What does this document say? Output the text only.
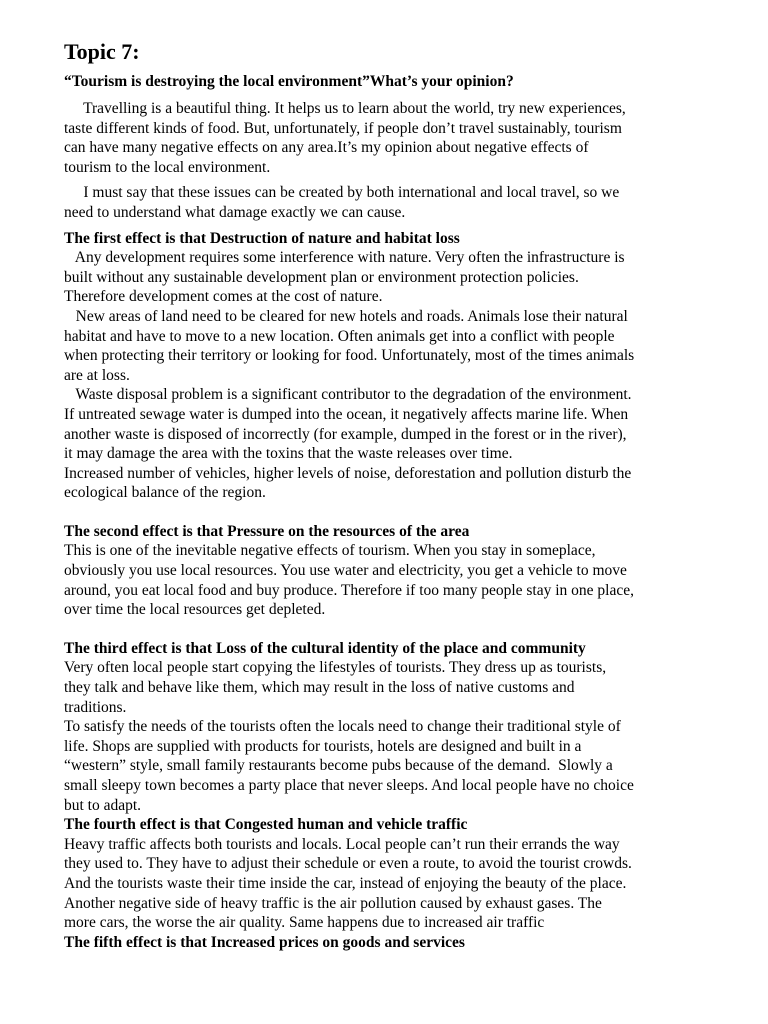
Topic 7:
“Tourism is destroying the local environment”What’s your opinion?
Travelling is a beautiful thing. It helps us to learn about the world, try new experiences,
taste different kinds of food. But, unfortunately, if people don’t travel sustainably, tourism
can have many negative effects on any area.It’s my opinion about negative effects of
tourism to the local environment.
I must say that these issues can be created by both international and local travel, so we
need to understand what damage exactly we can cause.
The first effect is that Destruction of nature and habitat loss
Any development requires some interference with nature. Very often the infrastructure is
built without any sustainable development plan or environment protection policies.
Therefore development comes at the cost of nature.
New areas of land need to be cleared for new hotels and roads. Animals lose their natural
habitat and have to move to a new location. Often animals get into a conflict with people
when protecting their territory or looking for food. Unfortunately, most of the times animals
are at loss.
Waste disposal problem is a significant contributor to the degradation of the environment.
If untreated sewage water is dumped into the ocean, it negatively affects marine life. When
another waste is disposed of incorrectly (for example, dumped in the forest or in the river),
it may damage the area with the toxins that the waste releases over time.
Increased number of vehicles, higher levels of noise, deforestation and pollution disturb the
ecological balance of the region.
The second effect is that Pressure on the resources of the area
This is one of the inevitable negative effects of tourism. When you stay in someplace,
obviously you use local resources. You use water and electricity, you get a vehicle to move
around, you eat local food and buy produce. Therefore if too many people stay in one place,
over time the local resources get depleted.
The third effect is that Loss of the cultural identity of the place and community
Very often local people start copying the lifestyles of tourists. They dress up as tourists,
they talk and behave like them, which may result in the loss of native customs and
traditions.
To satisfy the needs of the tourists often the locals need to change their traditional style of
life. Shops are supplied with products for tourists, hotels are designed and built in a
“western” style, small family restaurants become pubs because of the demand.  Slowly a
small sleepy town becomes a party place that never sleeps. And local people have no choice
but to adapt.
The fourth effect is that Congested human and vehicle traffic
Heavy traffic affects both tourists and locals. Local people can’t run their errands the way
they used to. They have to adjust their schedule or even a route, to avoid the tourist crowds.
And the tourists waste their time inside the car, instead of enjoying the beauty of the place.
Another negative side of heavy traffic is the air pollution caused by exhaust gases. The
more cars, the worse the air quality. Same happens due to increased air traffic
The fifth effect is that Increased prices on goods and services
